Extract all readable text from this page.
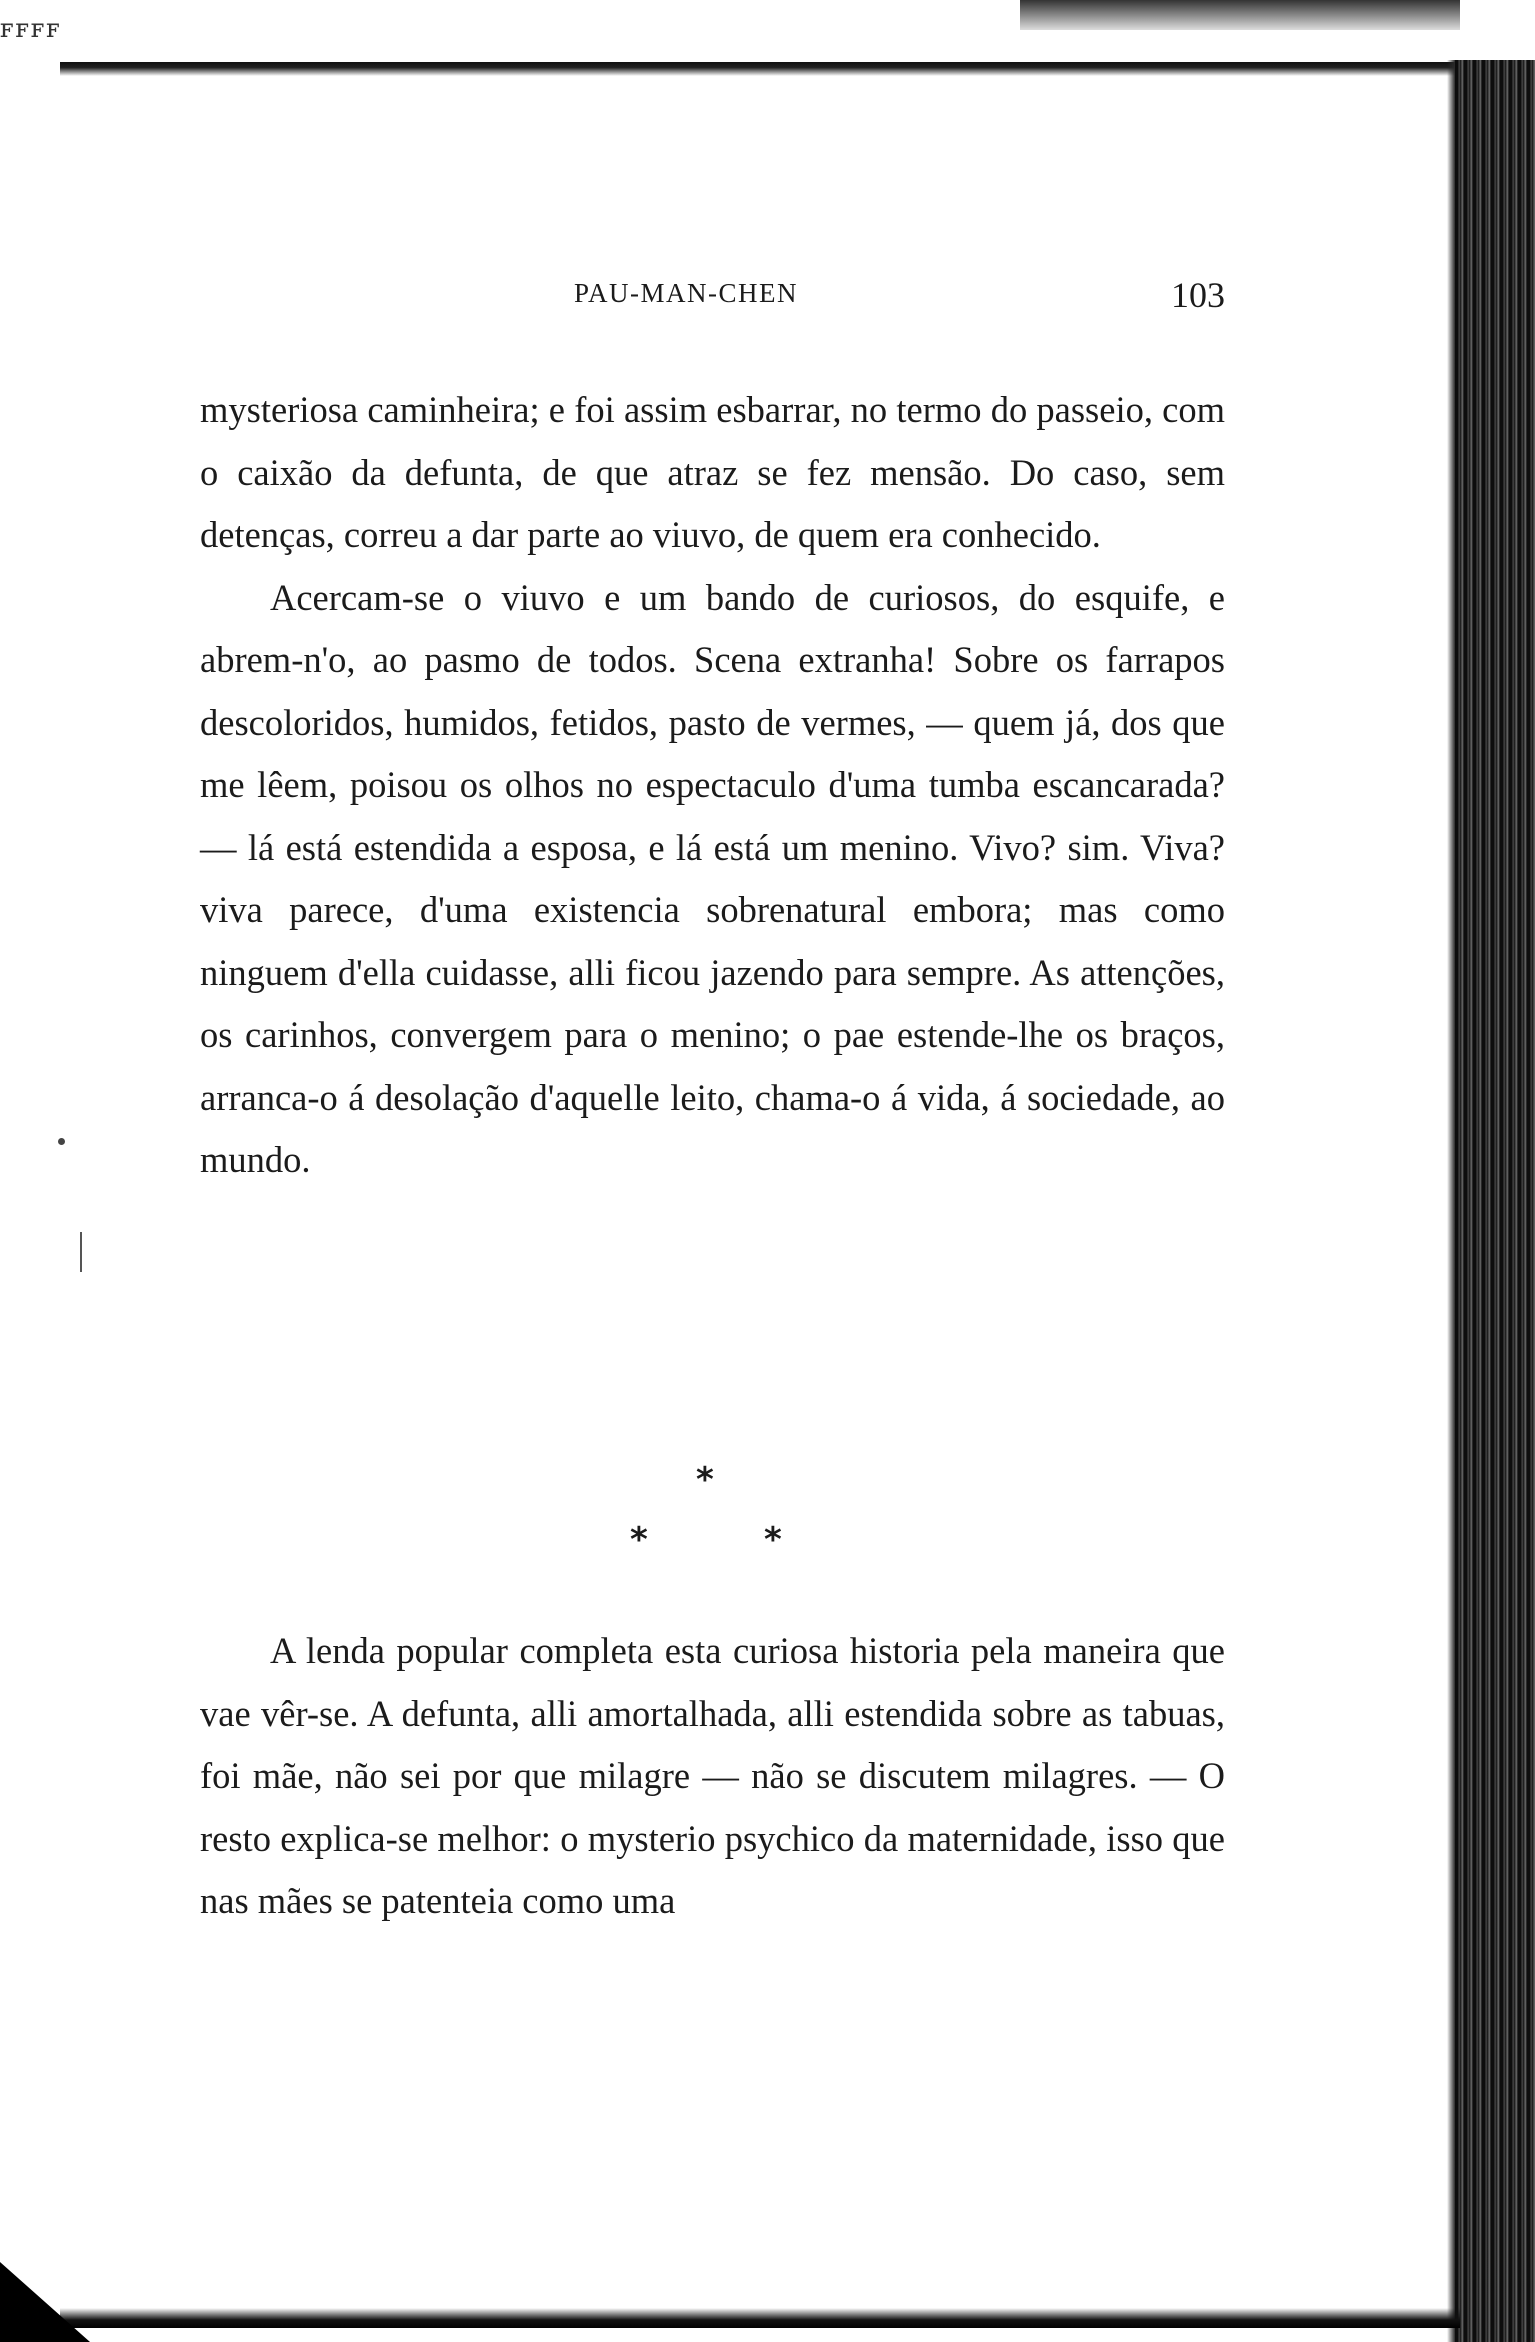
ꜰꜰꜰꜰ
PAU-MAN-CHEN	103

mysteriosa caminheira; e foi assim esbarrar, no termo do passeio, com o caixão da defunta, de que atraz se fez mensão. Do caso, sem detenças, correu a dar parte ao viuvo, de quem era conhecido.

Acercam-se o viuvo e um bando de curiosos, do esquife, e abrem-n'o, ao pasmo de todos. Scena extranha! Sobre os farrapos descoloridos, humidos, fetidos, pasto de vermes, — quem já, dos que me lêem, poisou os olhos no espectaculo d'uma tumba escancarada? — lá está estendida a esposa, e lá está um menino. Vivo? sim. Viva? viva parece, d'uma existencia sobrenatural embora; mas como ninguem d'ella cuidasse, alli ficou jazendo para sempre. As attenções, os carinhos, convergem para o menino; o pae estende-lhe os braços, arranca-o á desolação d'aquelle leito, chama-o á vida, á sociedade, ao mundo.

*
*	*

A lenda popular completa esta curiosa historia pela maneira que vae vêr-se. A defunta, alli amortalhada, alli estendida sobre as tabuas, foi mãe, não sei por que milagre — não se discutem milagres. — O resto explica-se melhor: o mysterio psychico da maternidade, isso que nas mães se patenteia como uma
